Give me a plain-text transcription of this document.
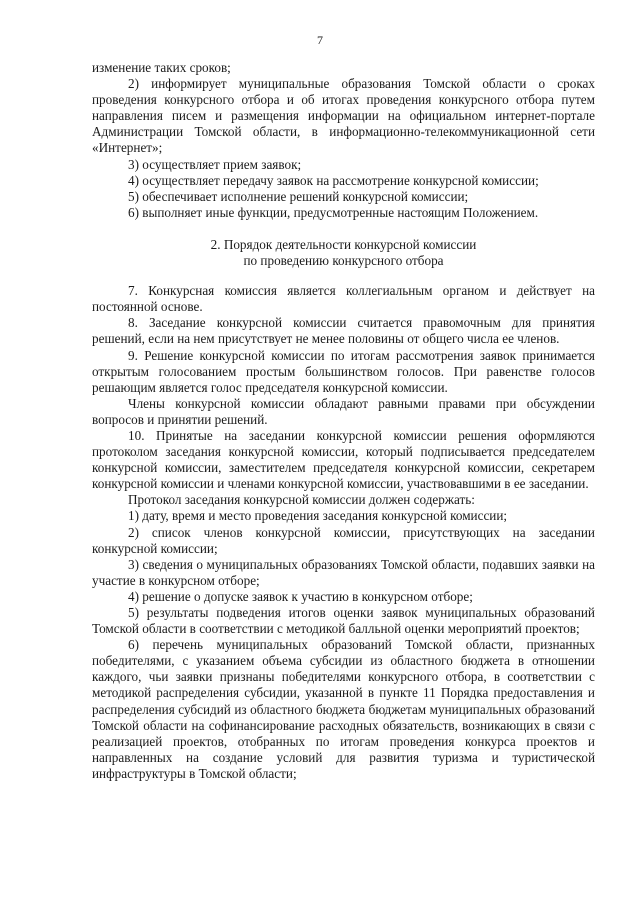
7

изменение таких сроков;

2) информирует муниципальные образования Томской области о сроках проведения конкурсного отбора и об итогах проведения конкурсного отбора путем направления писем и размещения информации на официальном интернет-портале Администрации Томской области, в информационно-телекоммуникационной сети «Интернет»;

3) осуществляет прием заявок;

4) осуществляет передачу заявок на рассмотрение конкурсной комиссии;

5) обеспечивает исполнение решений конкурсной комиссии;

6) выполняет иные функции, предусмотренные настоящим Положением.

2. Порядок деятельности конкурсной комиссии
по проведению конкурсного отбора

7. Конкурсная комиссия является коллегиальным органом и действует на постоянной основе.

8. Заседание конкурсной комиссии считается правомочным для принятия решений, если на нем присутствует не менее половины от общего числа ее членов.

9. Решение конкурсной комиссии по итогам рассмотрения заявок принимается открытым голосованием простым большинством голосов. При равенстве голосов решающим является голос председателя конкурсной комиссии.

Члены конкурсной комиссии обладают равными правами при обсуждении вопросов и принятии решений.

10. Принятые на заседании конкурсной комиссии решения оформляются протоколом заседания конкурсной комиссии, который подписывается председателем конкурсной комиссии, заместителем председателя конкурсной комиссии, секретарем конкурсной комиссии и членами конкурсной комиссии, участвовавшими в ее заседании.

Протокол заседания конкурсной комиссии должен содержать:

1) дату, время и место проведения заседания конкурсной комиссии;

2) список членов конкурсной комиссии, присутствующих на заседании конкурсной комиссии;

3) сведения о муниципальных образованиях Томской области, подавших заявки на участие в конкурсном отборе;

4) решение о допуске заявок к участию в конкурсном отборе;

5) результаты подведения итогов оценки заявок муниципальных образований Томской области в соответствии с методикой балльной оценки мероприятий проектов;

6) перечень муниципальных образований Томской области, признанных победителями, с указанием объема субсидии из областного бюджета в отношении каждого, чьи заявки признаны победителями конкурсного отбора, в соответствии с методикой распределения субсидии, указанной в пункте 11 Порядка предоставления и распределения субсидий из областного бюджета бюджетам муниципальных образований Томской области на софинансирование расходных обязательств, возникающих в связи с реализацией проектов, отобранных по итогам проведения конкурса проектов и направленных на создание условий для развития туризма и туристической инфраструктуры в Томской области;
